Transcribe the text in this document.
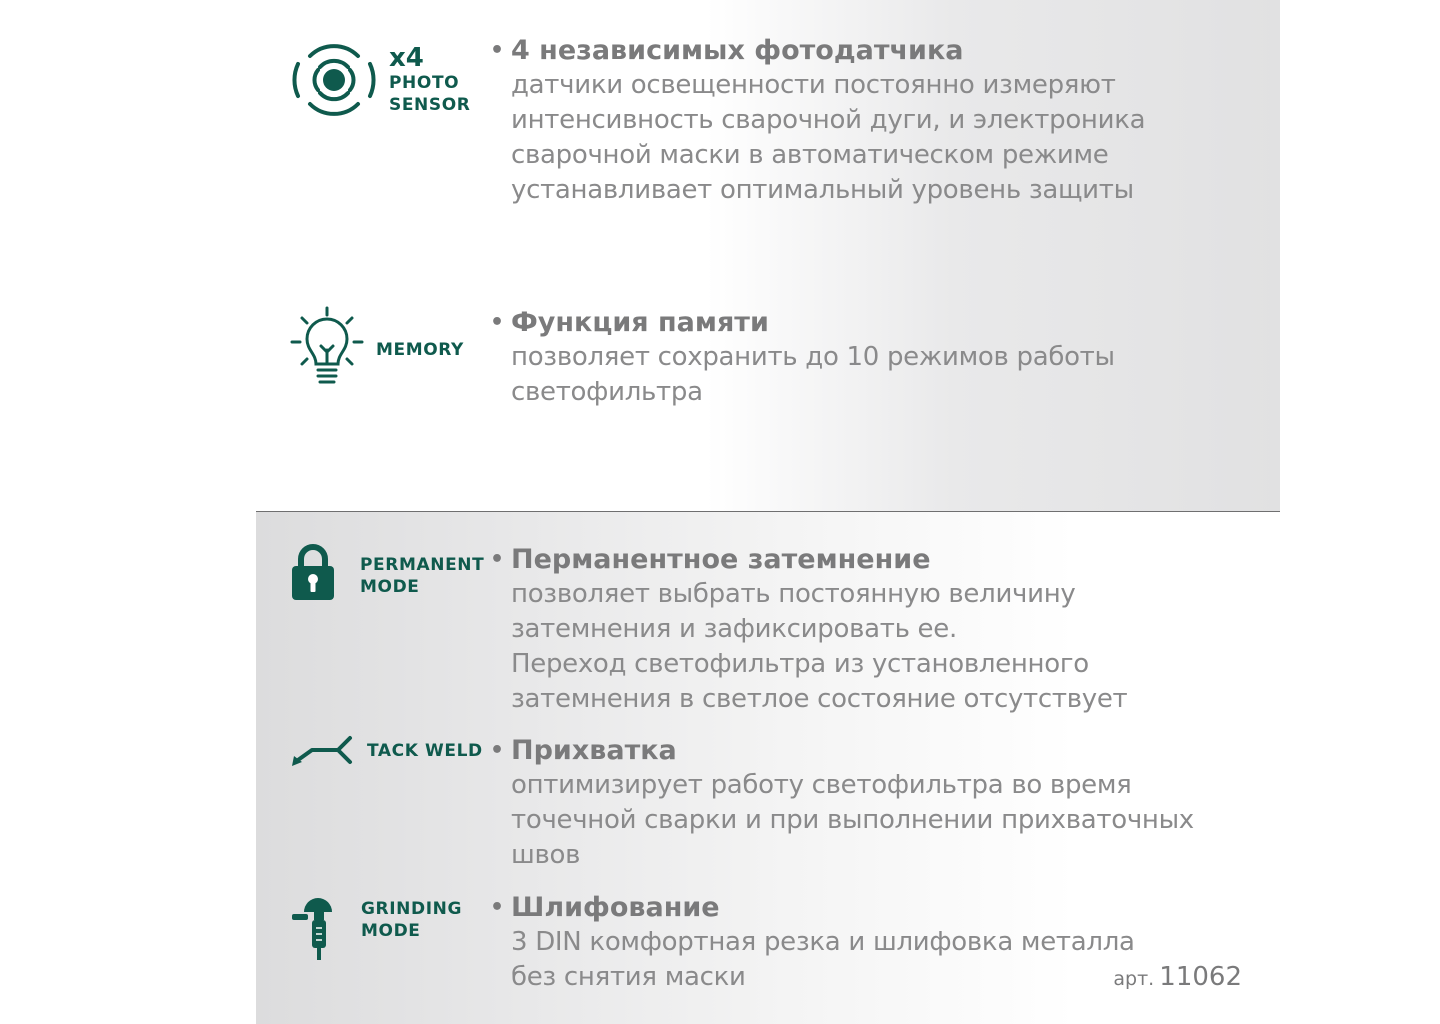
x4
PHOTO
SENSOR
• 4 независимых фотодатчика
датчики освещенности постоянно измеряют
интенсивность сварочной дуги, и электроника
сварочной маски в автоматическом режиме
устанавливает оптимальный уровень защиты
MEMORY
• Функция памяти
позволяет сохранить до 10 режимов работы
светофильтра
PERMANENT
MODE
• Перманентное затемнение
позволяет выбрать постоянную величину
затемнения и зафиксировать ее.
Переход светофильтра из установленного
затемнения в светлое состояние отсутствует
TACK WELD • Прихватка
оптимизирует работу светофильтра во время
точечной сварки и при выполнении прихваточных
швов
GRINDING
MODE
• Шлифование
3 DIN комфортная резка и шлифовка металла
без снятия маски	арт. 11062
